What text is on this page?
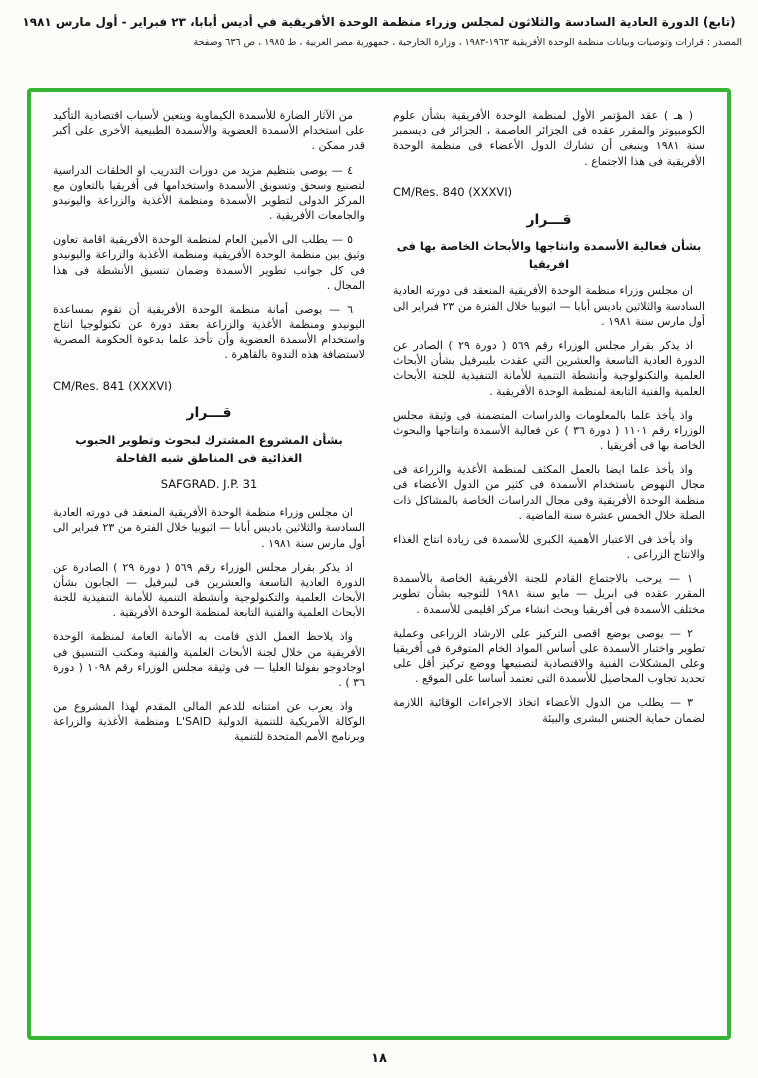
(تابع) الدورة العادية السادسة والثلاثون لمجلس وزراء منظمة الوحدة الأفريقية في أديس أبابا، ٢٣ فبراير - أول مارس ١٩٨١
المصدر : قرارات وتوصيات وبيانات منظمة الوحدة الأفريقية ١٩٦٣-١٩٨٣ ، وزارة الخارجية ، جمهورية مصر العربية ، ط ١٩٨٥ ، ص ٦٣٦ وصفحة

( هـ ) عقد المؤتمر الأول لمنظمة الوحدة الأفريقية بشأن علوم الكومبيوتر والمقرر عقده فى الجزائر العاصمة ، الجزائر فى ديسمبر سنة ١٩٨١ وينبغى أن تشارك الدول الأعضاء فى منظمة الوحدة الأفريقية فى هذا الاجتماع .

CM/Res. 840 (XXXVI)
قـــرار
بشأن فعالية الأسمدة وانتاجها والأبحاث الخاصة بها فى افريقيا

ان مجلس وزراء منظمة الوحدة الأفريقية المنعقد فى دورته العادية السادسة والثلاثين باديس أبابا — اثيوبيا خلال الفترة من ٢٣ فبراير الى أول مارس سنة ١٩٨١ .

اذ يذكر بقرار مجلس الوزراء رقم ٥٦٩ ( دورة ٢٩ ) الصادر عن الدورة العادية التاسعة والعشرين التي عقدت بليبرفيل بشأن الأبحاث العلمية والتكنولوجية وأنشطة التنمية للأمانة التنفيذية للجنة الأبحاث العلمية والفنية التابعة لمنظمة الوحدة الأفريقية .

واذ يأخذ علما بالمعلومات والدراسات المتضمنة فى وثيقة مجلس الوزراء رقم ١١٠١ ( دورة ٣٦ ) عن فعالية الأسمدة وانتاجها والبحوث الخاصة بها فى أفريقيا .

واذ يأخذ علما ايضا بالعمل المكثف لمنظمة الأغذية والزراعة فى مجال النهوض باستخدام الأسمدة فى كثير من الدول الأعضاء فى منظمة الوحدة الأفريقية وفى مجال الدراسات الخاصة بالمشاكل ذات الصلة خلال الخمس عشرة سنة الماضية .

واذ يأخذ فى الاعتبار الأهمية الكبرى للأسمدة فى زيادة انتاج الغذاء والانتاج الزراعى .

١ — يرحب بالاجتماع القادم للجنة الأفريقية الخاصة بالأسمدة المقرر عقده فى ابريل — مايو سنة ١٩٨١ للتوجيه بشأن تطوير مختلف الأسمدة فى أفريقيا وبحث انشاء مركز اقليمى للأسمدة .

٢ — يوصى بوضع اقصى التركيز على الارشاد الزراعى وعملية تطوير واختبار الأسمدة على أساس المواد الخام المتوفرة فى أفريقيا وعلى المشكلات الفنية والاقتصادية لتصنيعها ووضع تركيز أقل على تحديد تجاوب المحاصيل للأسمدة التى تعتمد أساسا على الموقع .

٣ — يطلب من الدول الأعضاء اتخاذ الاجراءات الوقائية اللازمة لضمان حماية الجنس البشرى والبيئة

من الآثار الضارة للأسمدة الكيماوية ويتعين لأسباب اقتصادية التأكيد على استخدام الأسمدة العضوية والأسمدة الطبيعية الأخرى على أكبر قدر ممكن .

٤ — يوصى بتنظيم مزيد من دورات التدريب او الحلقات الدراسية لتصنيع وسحق وتسويق الأسمدة واستخدامها فى أفريقيا بالتعاون مع المركز الدولى لتطوير الأسمدة ومنظمة الأغذية والزراعة واليونيدو والجامعات الأفريقية .

٥ — يطلب الى الأمين العام لمنظمة الوحدة الأفريقية اقامة تعاون وثيق بين منظمة الوحدة الأفريقية ومنظمة الأغذية والزراعة واليونيدو فى كل جوانب تطوير الأسمدة وضمان تنسيق الأنشطة فى هذا المجال .

٦ — يوصى أمانة منظمة الوحدة الأفريقية أن تقوم بمساعدة اليونيدو ومنظمة الأغذية والزراعة بعقد دورة عن تكنولوجيا انتاج واستخدام الأسمدة العضوية وأن تأخذ علما بدعوة الحكومة المصرية لاستضافة هذه الندوة بالقاهرة .

CM/Res. 841 (XXXVI)
قـــرار
بشأن المشروع المشترك لبحوث وتطوير الحبوب الغذائية فى المناطق شبه القاحلة
SAFGRAD. J.P. 31

ان مجلس وزراء منظمة الوحدة الأفريقية المنعقد فى دورته العادية السادسة والثلاثين باديس أبابا — اثيوبيا خلال الفترة من ٢٣ فبراير الى أول مارس سنة ١٩٨١ .

اذ يذكر بقرار مجلس الوزراء رقم ٥٦٩ ( دورة ٢٩ ) الصادرة عن الدورة العادية التاسعة والعشرين فى ليبرفيل — الجابون بشأن الأبحاث العلمية والتكنولوجية وأنشطة التنمية للأمانة التنفيذية للجنة الأبحاث العلمية والفنية التابعة لمنظمة الوحدة الأفريقية .

واذ يلاحظ العمل الذى قامت به الأمانة العامة لمنظمة الوحدة الأفريقية من خلال لجنة الأبحاث العلمية والفنية ومكتب التنسيق فى اوجادوجو بفولتا العليا — فى وثيقة مجلس الوزراء رقم ١٠٩٨ ( دورة ٣٦ ) .

واذ يعرب عن امتنانه للدعم المالى المقدم لهذا المشروع من الوكالة الأمريكية للتنمية الدولية L'SAID ومنظمة الأغذية والزراعة وبرنامج الأمم المتحدة للتنمية

١٨
